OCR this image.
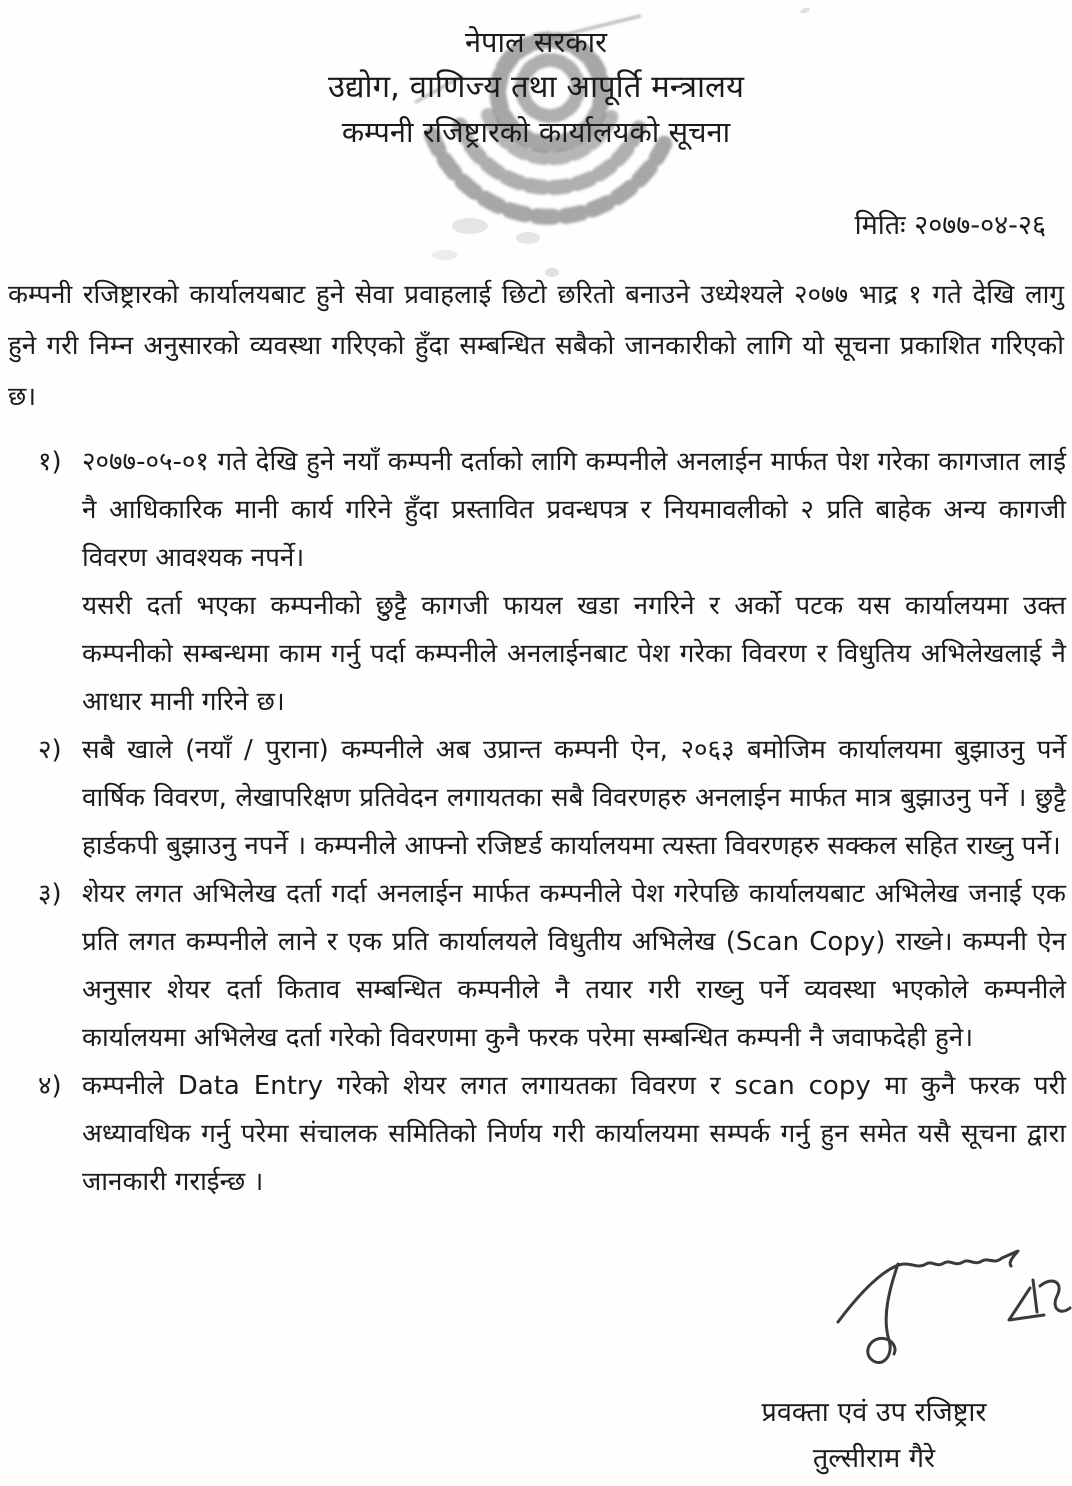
नेपाल सरकार
उद्योग, वाणिज्य तथा आपूर्ति मन्त्रालय
कम्पनी रजिष्ट्रारको कार्यालयको सूचना
मितिः २०७७-०४-२६

कम्पनी रजिष्ट्रारको कार्यालयबाट हुने सेवा प्रवाहलाई छिटो छरितो बनाउने उध्येश्यले २०७७ भाद्र १ गते देखि लागु हुने गरी निम्न अनुसारको व्यवस्था गरिएको हुँदा सम्बन्धित सबैको जानकारीको लागि यो सूचना प्रकाशित गरिएको छ।

१) २०७७-०५-०१ गते देखि हुने नयाँ कम्पनी दर्ताको लागि कम्पनीले अनलाईन मार्फत पेश गरेका कागजात लाई नै आधिकारिक मानी कार्य गरिने हुँदा प्रस्तावित प्रवन्धपत्र र नियमावलीको २ प्रति बाहेक अन्य कागजी विवरण आवश्यक नपर्ने।

यसरी दर्ता भएका कम्पनीको छुट्टै कागजी फायल खडा नगरिने र अर्को पटक यस कार्यालयमा उक्त कम्पनीको सम्बन्धमा काम गर्नु पर्दा कम्पनीले अनलाईनबाट पेश गरेका विवरण र विधुतिय अभिलेखलाई नै आधार मानी गरिने छ।

२) सबै खाले (नयाँ / पुराना) कम्पनीले अब उप्रान्त कम्पनी ऐन, २०६३ बमोजिम कार्यालयमा बुझाउनु पर्ने वार्षिक विवरण, लेखापरिक्षण प्रतिवेदन लगायतका सबै विवरणहरु अनलाईन मार्फत मात्र बुझाउनु पर्ने । छुट्टै हार्डकपी बुझाउनु नपर्ने । कम्पनीले आफ्नो रजिष्टर्ड कार्यालयमा त्यस्ता विवरणहरु सक्कल सहित राख्नु पर्ने।

३) शेयर लगत अभिलेख दर्ता गर्दा अनलाईन मार्फत कम्पनीले पेश गरेपछि कार्यालयबाट अभिलेख जनाई एक प्रति लगत कम्पनीले लाने र एक प्रति कार्यालयले विधुतीय अभिलेख (Scan Copy) राख्ने। कम्पनी ऐन अनुसार शेयर दर्ता किताव सम्बन्धित कम्पनीले नै तयार गरी राख्नु पर्ने व्यवस्था भएकोले कम्पनीले कार्यालयमा अभिलेख दर्ता गरेको विवरणमा कुनै फरक परेमा सम्बन्धित कम्पनी नै जवाफदेही हुने।

४) कम्पनीले Data Entry गरेको शेयर लगत लगायतका विवरण र scan copy मा कुनै फरक परी अध्यावधिक गर्नु परेमा संचालक समितिको निर्णय गरी कार्यालयमा सम्पर्क गर्नु हुन समेत यसै सूचना द्वारा जानकारी गराईन्छ ।

प्रवक्ता एवं उप रजिष्ट्रार
तुल्सीराम गैरे
